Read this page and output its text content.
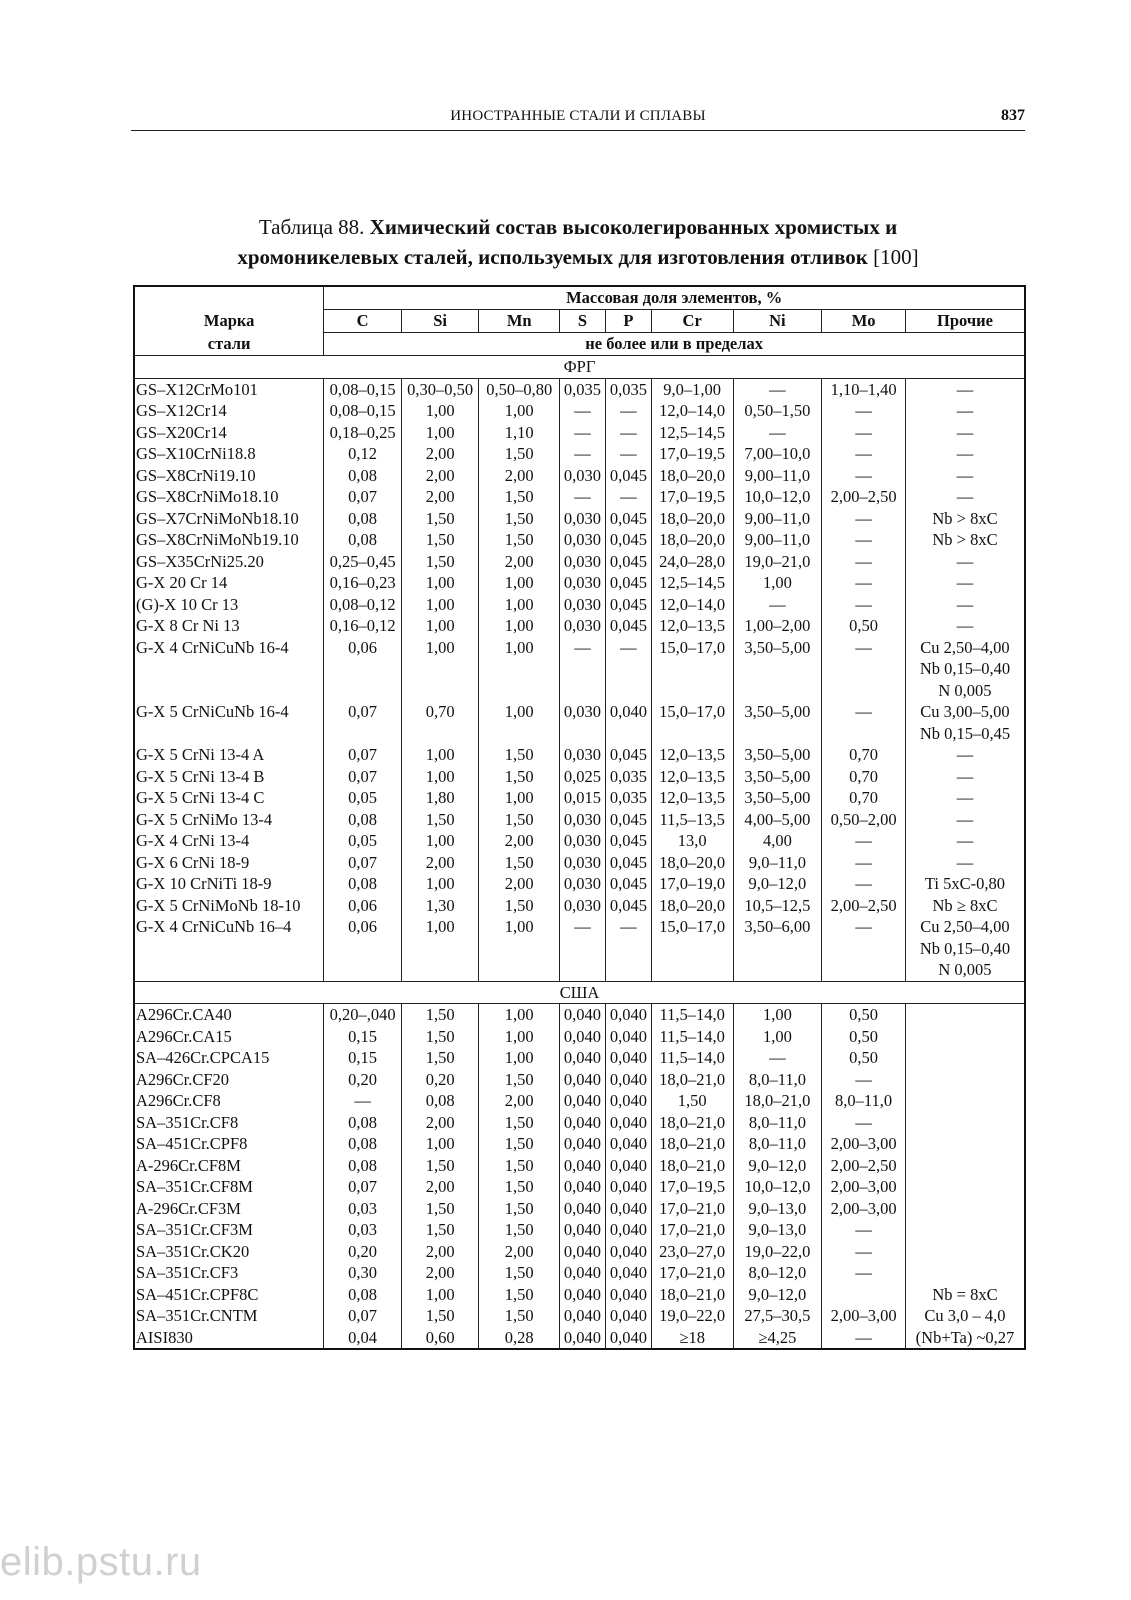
ИНОСТРАННЫЕ СТАЛИ И СПЛАВЫ	837
Таблица 88. Химический состав высоколегированных хромистых и
хромоникелевых сталей, используемых для изготовления отливок [100]
Марка
стали	Массовая доля элементов, %								
	C	Si	Mn	S	P	Cr	Ni	Mo	Прочие
	не более или в пределах								
ФРГ									
GS–X12CrMo101	0,08–0,15	0,30–0,50	0,50–0,80	0,035	0,035	9,0–1,00	—	1,10–1,40	—
GS–X12Cr14	0,08–0,15	1,00	1,00	—	—	12,0–14,0	0,50–1,50	—	—
GS–X20Cr14	0,18–0,25	1,00	1,10	—	—	12,5–14,5	—	—	—
GS–X10CrNi18.8	0,12	2,00	1,50	—	—	17,0–19,5	7,00–10,0	—	—
GS–X8CrNi19.10	0,08	2,00	2,00	0,030	0,045	18,0–20,0	9,00–11,0	—	—
GS–X8CrNiMo18.10	0,07	2,00	1,50	—	—	17,0–19,5	10,0–12,0	2,00–2,50	—
GS–X7CrNiMoNb18.10	0,08	1,50	1,50	0,030	0,045	18,0–20,0	9,00–11,0	—	Nb > 8xC
GS–X8CrNiMoNb19.10	0,08	1,50	1,50	0,030	0,045	18,0–20,0	9,00–11,0	—	Nb > 8xC
GS–X35CrNi25.20	0,25–0,45	1,50	2,00	0,030	0,045	24,0–28,0	19,0–21,0	—	—
G-X 20 Cr 14	0,16–0,23	1,00	1,00	0,030	0,045	12,5–14,5	1,00	—	—
(G)-X 10 Cr 13	0,08–0,12	1,00	1,00	0,030	0,045	12,0–14,0	—	—	—
G-X 8 Cr Ni 13	0,16–0,12	1,00	1,00	0,030	0,045	12,0–13,5	1,00–2,00	0,50	—
G-X 4 CrNiCuNb 16-4	0,06	1,00	1,00	—	—	15,0–17,0	3,50–5,00	—	Cu 2,50–4,00
									Nb 0,15–0,40
									N 0,005
G-X 5 CrNiCuNb 16-4	0,07	0,70	1,00	0,030	0,040	15,0–17,0	3,50–5,00	—	Cu 3,00–5,00
									Nb 0,15–0,45
G-X 5 CrNi 13-4 A	0,07	1,00	1,50	0,030	0,045	12,0–13,5	3,50–5,00	0,70	—
G-X 5 CrNi 13-4 B	0,07	1,00	1,50	0,025	0,035	12,0–13,5	3,50–5,00	0,70	—
G-X 5 CrNi 13-4 C	0,05	1,80	1,00	0,015	0,035	12,0–13,5	3,50–5,00	0,70	—
G-X 5 CrNiMo 13-4	0,08	1,50	1,50	0,030	0,045	11,5–13,5	4,00–5,00	0,50–2,00	—
G-X 4 CrNi 13-4	0,05	1,00	2,00	0,030	0,045	13,0	4,00	—	—
G-X 6 CrNi 18-9	0,07	2,00	1,50	0,030	0,045	18,0–20,0	9,0–11,0	—	—
G-X 10 CrNiTi 18-9	0,08	1,00	2,00	0,030	0,045	17,0–19,0	9,0–12,0	—	Ti 5xC-0,80
G-X 5 CrNiMoNb 18-10	0,06	1,30	1,50	0,030	0,045	18,0–20,0	10,5–12,5	2,00–2,50	Nb ≥ 8xC
G-X 4 CrNiCuNb 16–4	0,06	1,00	1,00	—	—	15,0–17,0	3,50–6,00	—	Cu 2,50–4,00
									Nb 0,15–0,40
									N 0,005
США									
A296Cr.CA40	0,20–,040	1,50	1,00	0,040	0,040	11,5–14,0	1,00	0,50	
A296Cr.CA15	0,15	1,50	1,00	0,040	0,040	11,5–14,0	1,00	0,50	
SA–426Cr.CPCA15	0,15	1,50	1,00	0,040	0,040	11,5–14,0	—	0,50	
A296Cr.CF20	0,20	0,20	1,50	0,040	0,040	18,0–21,0	8,0–11,0	—	
A296Cr.CF8	—	0,08	2,00	0,040	0,040	1,50	18,0–21,0	8,0–11,0	
SA–351Cr.CF8	0,08	2,00	1,50	0,040	0,040	18,0–21,0	8,0–11,0	—	
SA–451Cr.CPF8	0,08	1,00	1,50	0,040	0,040	18,0–21,0	8,0–11,0	2,00–3,00	
A-296Cr.CF8M	0,08	1,50	1,50	0,040	0,040	18,0–21,0	9,0–12,0	2,00–2,50	
SA–351Cr.CF8M	0,07	2,00	1,50	0,040	0,040	17,0–19,5	10,0–12,0	2,00–3,00	
A-296Cr.CF3M	0,03	1,50	1,50	0,040	0,040	17,0–21,0	9,0–13,0	2,00–3,00	
SA–351Cr.CF3M	0,03	1,50	1,50	0,040	0,040	17,0–21,0	9,0–13,0	—	
SA–351Cr.CK20	0,20	2,00	2,00	0,040	0,040	23,0–27,0	19,0–22,0	—	
SA–351Cr.CF3	0,30	2,00	1,50	0,040	0,040	17,0–21,0	8,0–12,0	—	
SA–451Cr.CPF8C	0,08	1,00	1,50	0,040	0,040	18,0–21,0	9,0–12,0		Nb = 8xC
SA–351Cr.CNTM	0,07	1,50	1,50	0,040	0,040	19,0–22,0	27,5–30,5	2,00–3,00	Cu 3,0 – 4,0
AISI830	0,04	0,60	0,28	0,040	0,040	≥18	≥4,25	—	(Nb+Ta) ~0,27
elib.pstu.ru
